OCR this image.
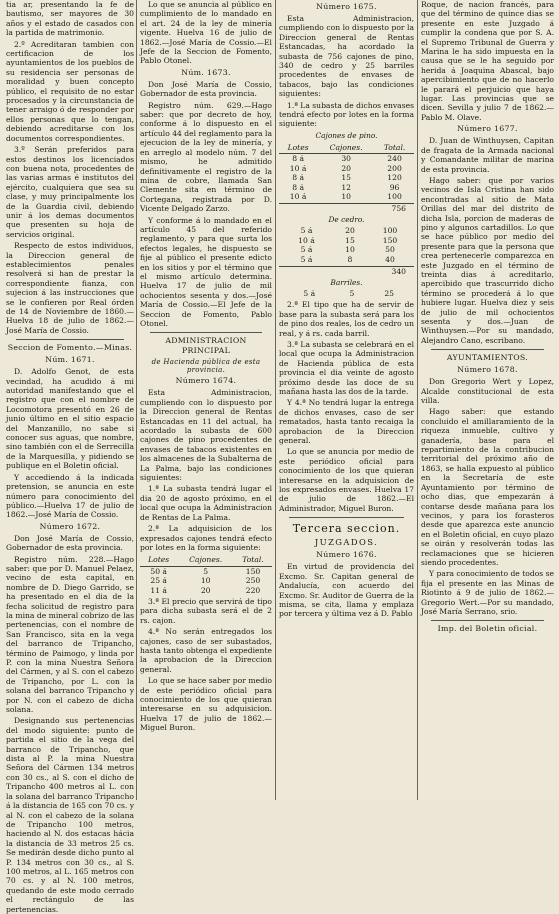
tia ar, presentando la fe de bautismo, ser mayores de 30 años y el estado de casados con la partida de matrimonio.

2.º Acreditaran tambien con certificacion de los ayuntamientos de los pueblos de su residencia ser personas de moralidad y buen concepto público, el requisito de no estar procesados y la circunstancia de tener arraigo ó de responder por ellos personas que lo tengan, debiendo acreditarse con los documentos correspondientes.

3.º Serán preferidos para estos destinos los licenciados con buena nota, procedentes de las varias armas é institutos del ejército, cualquiera que sea su clase, y muy principalmente los de la Guardia civil, debiendo unir á los demas documentos que presenten su hoja de servicios original.

Respecto de estos individuos, la Direccion general de establecimientos penales resolverá si han de prestar la correspondiente fianza, con sujecion á las instrucciones que se le confieren por Real órden de 14 de Noviembre de 1860.—Huelva 18 de julio de 1862.—José María de Cossio.

Seccion de Fomento.—Minas.
Núm. 1671.

D. Adolfo Genot, de esta vecindad, ha acudido á mi autoridad manifestando que el registro que con el nombre de Locomotora presentó en 26 de junio último en el sitio espacio del Manzanillo, no sabe si conocer sus aguas, que nombre, sino también con el de Serrecilla de la Marquesilla, y pidiendo se publique en el Boletin oficial.

Y accediendo á la indicada pretension, se anuncia en este número para conocimiento del público.—Huelva 17 de julio de 1862.—José María de Cossio.

Número 1672.

Don José María de Cossio, Gobernador de esta provincia.

Registro núm. 228.—Hago saber: que por D. Manuel Pelaez, vecino de esta capital, en nombre de D. Diego Garrido, se ha presentado en el dia de la fecha solicitud de registro para la mina de mineral cobrizo de las pertenencias, con el nombre de San Francisco, sita en la vega del barranco de Tripancho, término de Paimogo, y linda por P. con la mina Nuestra Señora del Cármen, y al S. con el cabezo de Tripancho, por L. con la solana del barranco Tripancho y por N. con el cabezo de dicha solana.

Designando sus pertenencias del modo siguiente: punto de partida el sitio de la vega del barranco de Tripancho, que dista al P. la mina Nuestra Señora del Cármen 134 metros con 30 cs., al S. con el dicho de Tripancho 400 metros al L. con la solana del barranco Tripancho á la distancia de 165 con 70 cs. y al N. con el cabezo de la solana de Tripancho 100 metros, haciendo al N. dos estacas hácia la distancia de 33 metros 25 cs. Se medirán desde dicho punto al P. 134 metros con 30 cs., al S. 100 metros, al L. 165 metros con 70 cs. y al N. 100 metros, quedando de este modo cerrado el rectángulo de las pertenencias.

Lo que se anuncia al público en cumplimiento de lo mandado en el art. 24 de la ley de minería vigente. Huelva 16 de julio de 1862.—José María de Cossio.—El Jefe de la Seccion de Fomento, Pablo Otonel.

Núm. 1673.

Don José María de Cossio, Gobernador de esta provincia.

Registro núm. 629.—Hago saber: que por decreto de hoy, conforme á lo dispuesto en el artículo 44 del reglamento para la ejecucion de la ley de minería, y en arreglo al modelo núm. 7 del mismo, he admitido definitivamente el registro de la mina de cobre, llamada San Clemente sita en término de Cortegana, registrada por D. Vicente Delgado Zarzo.

Y conforme á lo mandado en el artículo 45 del referido reglamento, y para que surta los efectos legales, he dispuesto se fije al público el presente edicto en los sitios y por el término que el mismo artículo determina. Huelva 17 de julio de mil ochocientos sesenta y dos.—José María de Cossio.—El Jefe de la Seccion de Fomento, Pablo Otonel.

ADMINISTRACION PRINCIPAL
de Hacienda pública de esta provincia.
Número 1674.

Esta Administracion, cumpliendo con lo dispuesto por la Direccion general de Rentas Estancadas en 11 del actual, ha acordado la subasta de 600 cajones de pino procedentes de envases de tabacos existentes en los almacenes de la Subalterna de La Palma, bajo las condiciones siguientes:

1.ª La subasta tendrá lugar el dia 20 de agosto próximo, en el local que ocupa la Administracion de Rentas de La Palma.

2.ª La adquisicion de los expresados cajones tendrá efecto por lotes en la forma siguiente:

Lotes	Cajones.	Total.
50 á	5	150
25 á	10	250
11 á	20	220

3.ª El precio que servirá de tipo para dicha subasta será el de 2 rs. cajon.

4.ª No serán entregados los cajones, caso de ser subastados, hasta tanto obtenga el expediente la aprobacion de la Direccion general.

Lo que se hace saber por medio de este periódico oficial para conocimiento de los que quieran interesarse en su adquisicion. Huelva 17 de julio de 1862.—Miguel Buron.

Número 1675.

Esta Administracion, cumpliendo con lo dispuesto por la Direccion general de Rentas Estancadas, ha acordado la subasta de 756 cajones de pino, 340 de cedro y 25 barriles procedentes de envases de tabacos, bajo las condiciones siguientes:

1.ª La subasta de dichos envases tendrá efecto por lotes en la forma siguiente:

Cajones de pino.
Lotes	Cajones.	Total.
8 á	30	240
10 á	20	200
8 á	15	120
8 á	12	96
10 á	10	100
756
De cedro.
5 á	20	100
10 á	15	150
5 á	10	50
5 á	8	40
340
Barriles.
5 á	5	25

2.ª El tipo que ha de servir de base para la subasta será para los de pino dos reales, los de cedro un real, y á rs. cada barril.

3.ª La subasta se celebrará en el local que ocupa la Administracion de Hacienda pública de esta provincia el dia veinte de agosto próximo desde las doce de su mañana hasta las dos de la tarde.

Y 4.ª No tendrá lugar la entrega de dichos envases, caso de ser rematados, hasta tanto recaiga la aprobacion de la Direccion general.

Lo que se anuncia por medio de este periódico oficial para conocimiento de los que quieran interesarse en la adquisicion de los expresados envases. Huelva 17 de julio de 1862.—El Administrador, Miguel Buron.

Tercera seccion.
JUZGADOS.
Número 1676.

En virtud de providencia del Excmo. Sr. Capitan general de Andalucía, con acuerdo del Excmo. Sr. Auditor de Guerra de la misma, se cita, llama y emplaza por tercera y última vez á D. Pablo

Roque, de nacion francés, para que del término de quince dias se presente en este Juzgado á cumplir la condena que por S. A. el Supremo Tribunal de Guerra y Marina le ha sido impuesta en la causa que se le ha seguido por herida á Joaquina Abascal, bajo apercibimiento que de no hacerlo le parará el perjuicio que haya lugar. Las provincias que se dicen. Sevilla y julio 7 de 1862.—Pablo M. Olave.

Número 1677.

D. Juan de Winthuysen, Capitan de fragata de la Armada nacional y Comandante militar de marina de esta provincia.

Hago saber: que por varios vecinos de Isla Cristina han sido encontradas al sitio de Mata Orillas del mar del distrito de dicha Isla, porcion de maderas de pino y algunos cartadillos. Lo que se hace público por medio del presente para que la persona que crea pertenecerle comparezca en este Juzgado en el término de treinta dias á acreditarlo, apercibido que trascurrido dicho término se procederá á lo que hubiere lugar. Huelva diez y seis de julio de mil ochocientos sesenta y dos.—Juan de Winthuysen.—Por su mandado, Alejandro Cano, escribano.

AYUNTAMIENTOS.
Número 1678.

Don Gregorio Wert y Lopez, Alcalde constitucional de esta villa.

Hago saber: que estando concluido el amillaramiento de la riqueza inmueble, cultivo y ganadería, base para el repartimiento de la contribucion territorial del próximo año de 1863, se halla expuesto al público en la Secretaría de este Ayuntamiento por término de ocho dias, que empezarán á contarse desde mañana para los vecinos, y para los forasteros desde que aparezca este anuncio en el Boletin oficial, en cuyo plazo se oirán y resolverán todas las reclamaciones que se hicieren siendo procedentes.

Y para conocimiento de todos se fija el presente en las Minas de Riotinto á 9 de julio de 1862.—Gregorio Wert.—Por su mandado, José María Serrano, srio.

Imp. del Boletin oficial.
